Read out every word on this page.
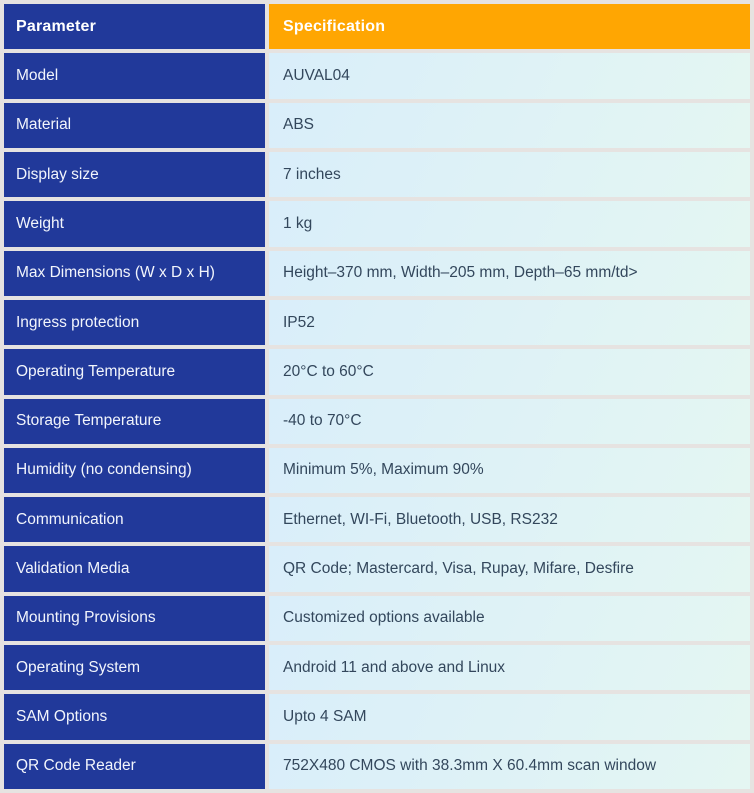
Parameter	Specification
Model	AUVAL04
Material	ABS
Display size	7 inches
Weight	1 kg
Max Dimensions (W x D x H)	Height–370 mm, Width–205 mm, Depth–65 mm/td>
Ingress protection	IP52
Operating Temperature	20°C to 60°C
Storage Temperature	-40 to 70°C
Humidity (no condensing)	Minimum 5%, Maximum 90%
Communication	Ethernet, WI-Fi, Bluetooth, USB, RS232
Validation Media	QR Code; Mastercard, Visa, Rupay, Mifare, Desfire
Mounting Provisions	Customized options available
Operating System	Android 11 and above and Linux
SAM Options	Upto 4 SAM
QR Code Reader	752X480 CMOS with 38.3mm X 60.4mm scan window
